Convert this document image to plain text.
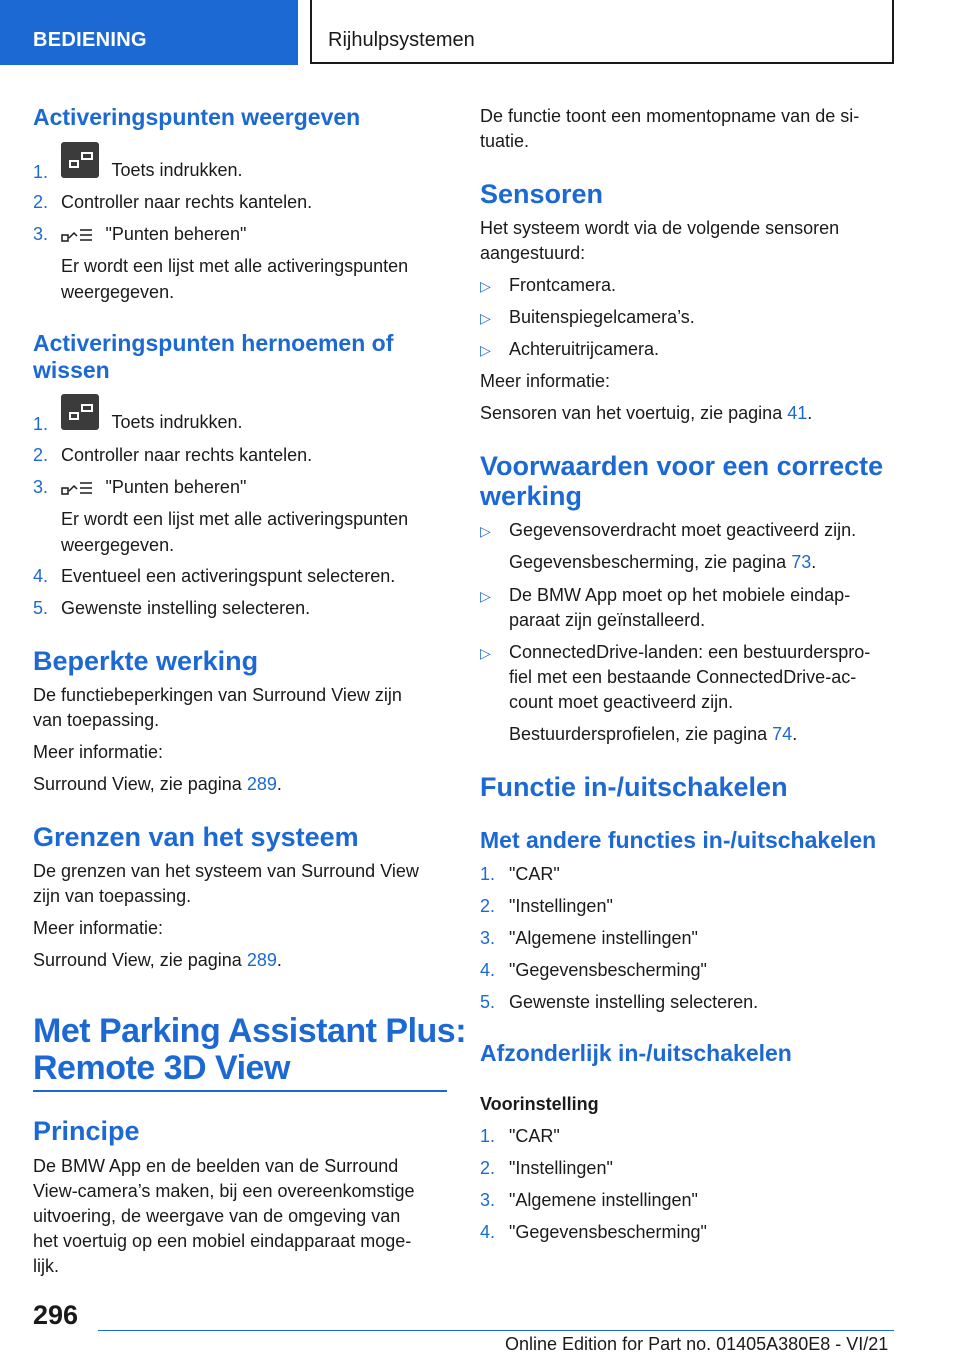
BEDIENING	Rijhulpsystemen
Activeringspunten weergeven
1.	Toets indrukken.
2. Controller naar rechts kantelen.
3.	"Punten beheren"
Er wordt een lijst met alle activeringspunten
weergegeven.
Activeringspunten hernoemen of
wissen
1.	Toets indrukken.
2. Controller naar rechts kantelen.
3.	"Punten beheren"
Er wordt een lijst met alle activeringspunten
weergegeven.
4. Eventueel een activeringspunt selecteren.
5. Gewenste instelling selecteren.
Beperkte werking
De functiebeperkingen van Surround View zijn
van toepassing.
Meer informatie:
Surround View, zie pagina 289.
Grenzen van het systeem
De grenzen van het systeem van Surround View
zijn van toepassing.
Meer informatie:
Surround View, zie pagina 289.
Met Parking Assistant Plus:
Remote 3D View
Principe
De BMW App en de beelden van de Surround
View-camera’s maken, bij een overeenkomstige
uitvoering, de weergave van de omgeving van
het voertuig op een mobiel eindapparaat moge-
lijk.
De functie toont een momentopname van de si-
tuatie.
Sensoren
Het systeem wordt via de volgende sensoren
aangestuurd:
▷ Frontcamera.
▷ Buitenspiegelcamera’s.
▷ Achteruitrijcamera.
Meer informatie:
Sensoren van het voertuig, zie pagina 41.
Voorwaarden voor een correcte
werking
▷ Gegevensoverdracht moet geactiveerd zijn.
Gegevensbescherming, zie pagina 73.
▷ De BMW App moet op het mobiele eindap-
paraat zijn geïnstalleerd.
▷ ConnectedDrive-landen: een bestuurderspro-
fiel met een bestaande ConnectedDrive-ac-
count moet geactiveerd zijn.
Bestuurdersprofielen, zie pagina 74.
Functie in-/uitschakelen
Met andere functies in-/uitschakelen
1. "CAR"
2. "Instellingen"
3. "Algemene instellingen"
4. "Gegevensbescherming"
5. Gewenste instelling selecteren.
Afzonderlijk in-/uitschakelen
Voorinstelling
1. "CAR"
2. "Instellingen"
3. "Algemene instellingen"
4. "Gegevensbescherming"
296
Online Edition for Part no. 01405A380E8 - VI/21
